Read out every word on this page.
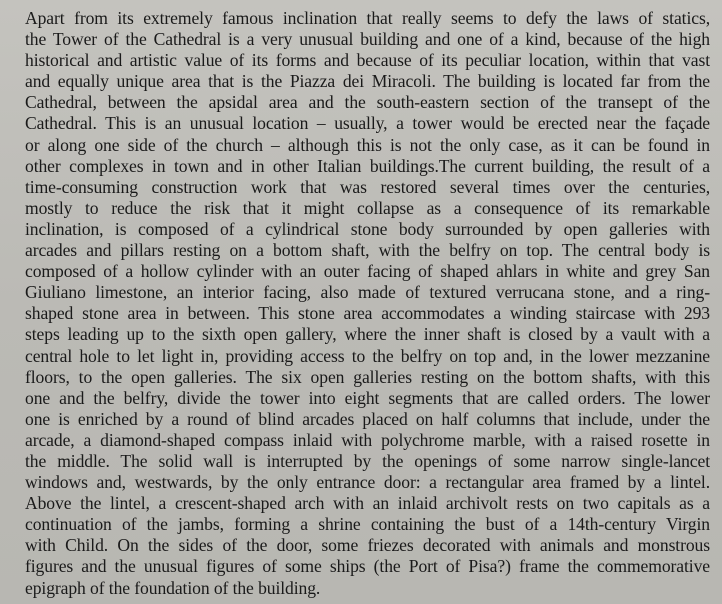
Apart from its extremely famous inclination that really seems to defy the laws of statics,
the Tower of the Cathedral is a very unusual building and one of a kind, because of the high
historical and artistic value of its forms and because of its peculiar location, within that vast
and equally unique area that is the Piazza dei Miracoli. The building is located far from the
Cathedral, between the apsidal area and the south-eastern section of the transept of the
Cathedral. This is an unusual location – usually, a tower would be erected near the façade
or along one side of the church – although this is not the only case, as it can be found in
other complexes in town and in other Italian buildings.The current building, the result of a
time-consuming construction work that was restored several times over the centuries,
mostly to reduce the risk that it might collapse as a consequence of its remarkable
inclination, is composed of a cylindrical stone body surrounded by open galleries with
arcades and pillars resting on a bottom shaft, with the belfry on top. The central body is
composed of a hollow cylinder with an outer facing of shaped ahlars in white and grey San
Giuliano limestone, an interior facing, also made of textured verrucana stone, and a ring-
shaped stone area in between. This stone area accommodates a winding staircase with 293
steps leading up to the sixth open gallery, where the inner shaft is closed by a vault with a
central hole to let light in, providing access to the belfry on top and, in the lower mezzanine
floors, to the open galleries. The six open galleries resting on the bottom shafts, with this
one and the belfry, divide the tower into eight segments that are called orders. The lower
one is enriched by a round of blind arcades placed on half columns that include, under the
arcade, a diamond-shaped compass inlaid with polychrome marble, with a raised rosette in
the middle. The solid wall is interrupted by the openings of some narrow single-lancet
windows and, westwards, by the only entrance door: a rectangular area framed by a lintel.
Above the lintel, a crescent-shaped arch with an inlaid archivolt rests on two capitals as a
continuation of the jambs, forming a shrine containing the bust of a 14th-century Virgin
with Child. On the sides of the door, some friezes decorated with animals and monstrous
figures and the unusual figures of some ships (the Port of Pisa?) frame the commemorative
epigraph of the foundation of the building.
